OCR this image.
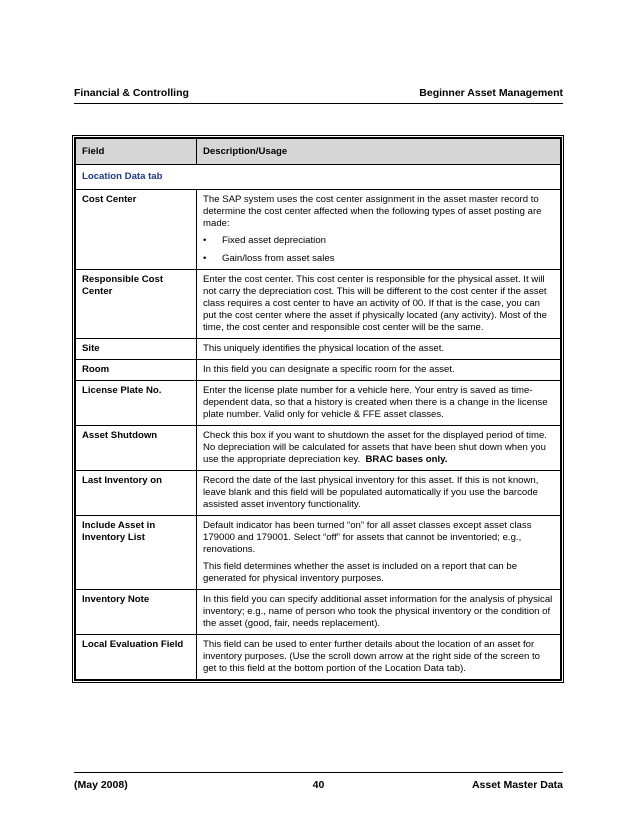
Financial & Controlling	Beginner Asset Management
Field	Description/Usage
Location Data tab	
Cost Center	The SAP system uses the cost center assignment in the asset master record to determine the cost center affected when the following types of asset posting are made:

• Fixed asset depreciation
• Gain/loss from asset sales

Responsible Cost Center	Enter the cost center. This cost center is responsible for the physical asset. It will not carry the depreciation cost. This will be different to the cost center if the asset class requires a cost center to have an activity of 00. If that is the case, you can put the cost center where the asset if physically located (any activity). Most of the time, the cost center and responsible cost center will be the same.
Site	This uniquely identifies the physical location of the asset.
Room	In this field you can designate a specific room for the asset.
License Plate No.	Enter the license plate number for a vehicle here. Your entry is saved as time-dependent data, so that a history is created when there is a change in the license plate number. Valid only for vehicle & FFE asset classes.
Asset Shutdown	Check this box if you want to shutdown the asset for the displayed period of time. No depreciation will be calculated for assets that have been shut down when you use the appropriate depreciation key. BRAC bases only.
Last Inventory on	Record the date of the last physical inventory for this asset. If this is not known, leave blank and this field will be populated automatically if you use the barcode assisted asset inventory functionality.
Include Asset in Inventory List	Default indicator has been turned “on” for all asset classes except asset class 179000 and 179001. Select “off” for assets that cannot be inventoried; e.g., renovations.

This field determines whether the asset is included on a report that can be generated for physical inventory purposes.

Inventory Note	In this field you can specify additional asset information for the analysis of physical inventory; e.g., name of person who took the physical inventory or the condition of the asset (good, fair, needs replacement).
Local Evaluation Field	This field can be used to enter further details about the location of an asset for inventory purposes. (Use the scroll down arrow at the right side of the screen to get to this field at the bottom portion of the Location Data tab).
(May 2008)	40	Asset Master Data
